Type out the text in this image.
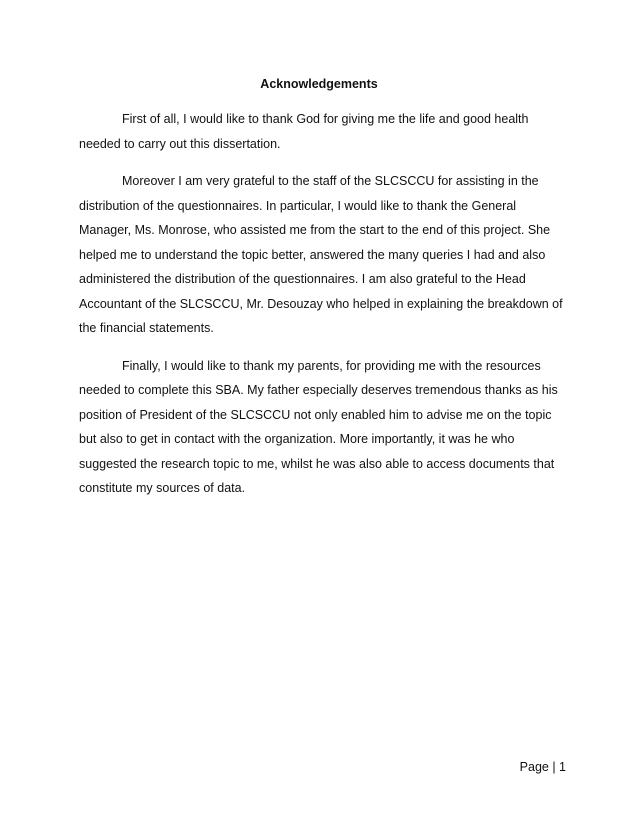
Acknowledgements

First of all, I would like to thank God for giving me the life and good health needed to carry out this dissertation.

Moreover I am very grateful to the staff of the SLCSCCU for assisting in the distribution of the questionnaires. In particular, I would like to thank the General Manager, Ms. Monrose, who assisted me from the start to the end of this project. She helped me to understand the topic better, answered the many queries I had and also administered the distribution of the questionnaires. I am also grateful to the Head Accountant of the SLCSCCU, Mr. Desouzay who helped in explaining the breakdown of the financial statements.

Finally, I would like to thank my parents, for providing me with the resources needed to complete this SBA. My father especially deserves tremendous thanks as his position of President of the SLCSCCU not only enabled him to advise me on the topic but also to get in contact with the organization. More importantly, it was he who suggested the research topic to me, whilst he was also able to access documents that constitute my sources of data.

Page | 1
